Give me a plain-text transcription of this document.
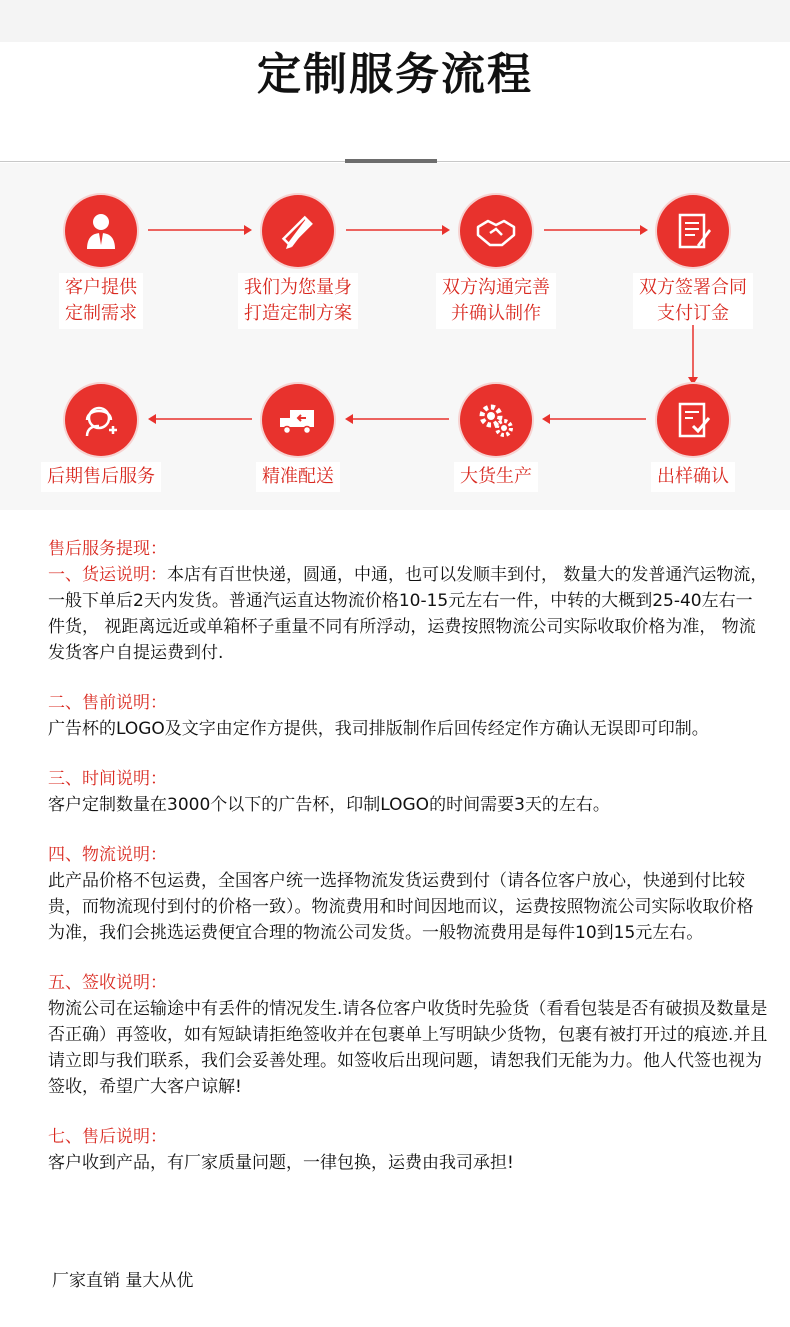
定制服务流程
客户提供
定制需求
我们为您量身
打造定制方案
双方沟通完善
并确认制作
双方签署合同
支付订金
出样确认
大货生产
精准配送
后期售后服务
售后服务提现：
一、货运说明：本店有百世快递，圆通，中通，也可以发顺丰到付， 数量大的发普通汽运物流，一般下单后2天内发货。普通汽运直达物流价格10-15元左右一件，中转的大概到25-40左右一件货， 视距离远近或单箱杯子重量不同有所浮动，运费按照物流公司实际收取价格为准， 物流发货客户自提运费到付.
二、售前说明：
广告杯的LOGO及文字由定作方提供，我司排版制作后回传经定作方确认无误即可印制。
三、时间说明：
客户定制数量在3000个以下的广告杯，印制LOGO的时间需要3天的左右。
四、物流说明：
此产品价格不包运费，全国客户统一选择物流发货运费到付（请各位客户放心，快递到付比较贵，而物流现付到付的价格一致）。物流费用和时间因地而议，运费按照物流公司实际收取价格为准，我们会挑选运费便宜合理的物流公司发货。一般物流费用是每件10到15元左右。
五、签收说明：
物流公司在运输途中有丢件的情况发生.请各位客户收货时先验货（看看包装是否有破损及数量是否正确）再签收，如有短缺请拒绝签收并在包裹单上写明缺少货物，包裹有被打开过的痕迹.并且请立即与我们联系，我们会妥善处理。如签收后出现问题，请恕我们无能为力。他人代签也视为签收，希望广大客户谅解!
七、售后说明：
客户收到产品，有厂家质量问题，一律包换，运费由我司承担!
厂家直销 量大从优
